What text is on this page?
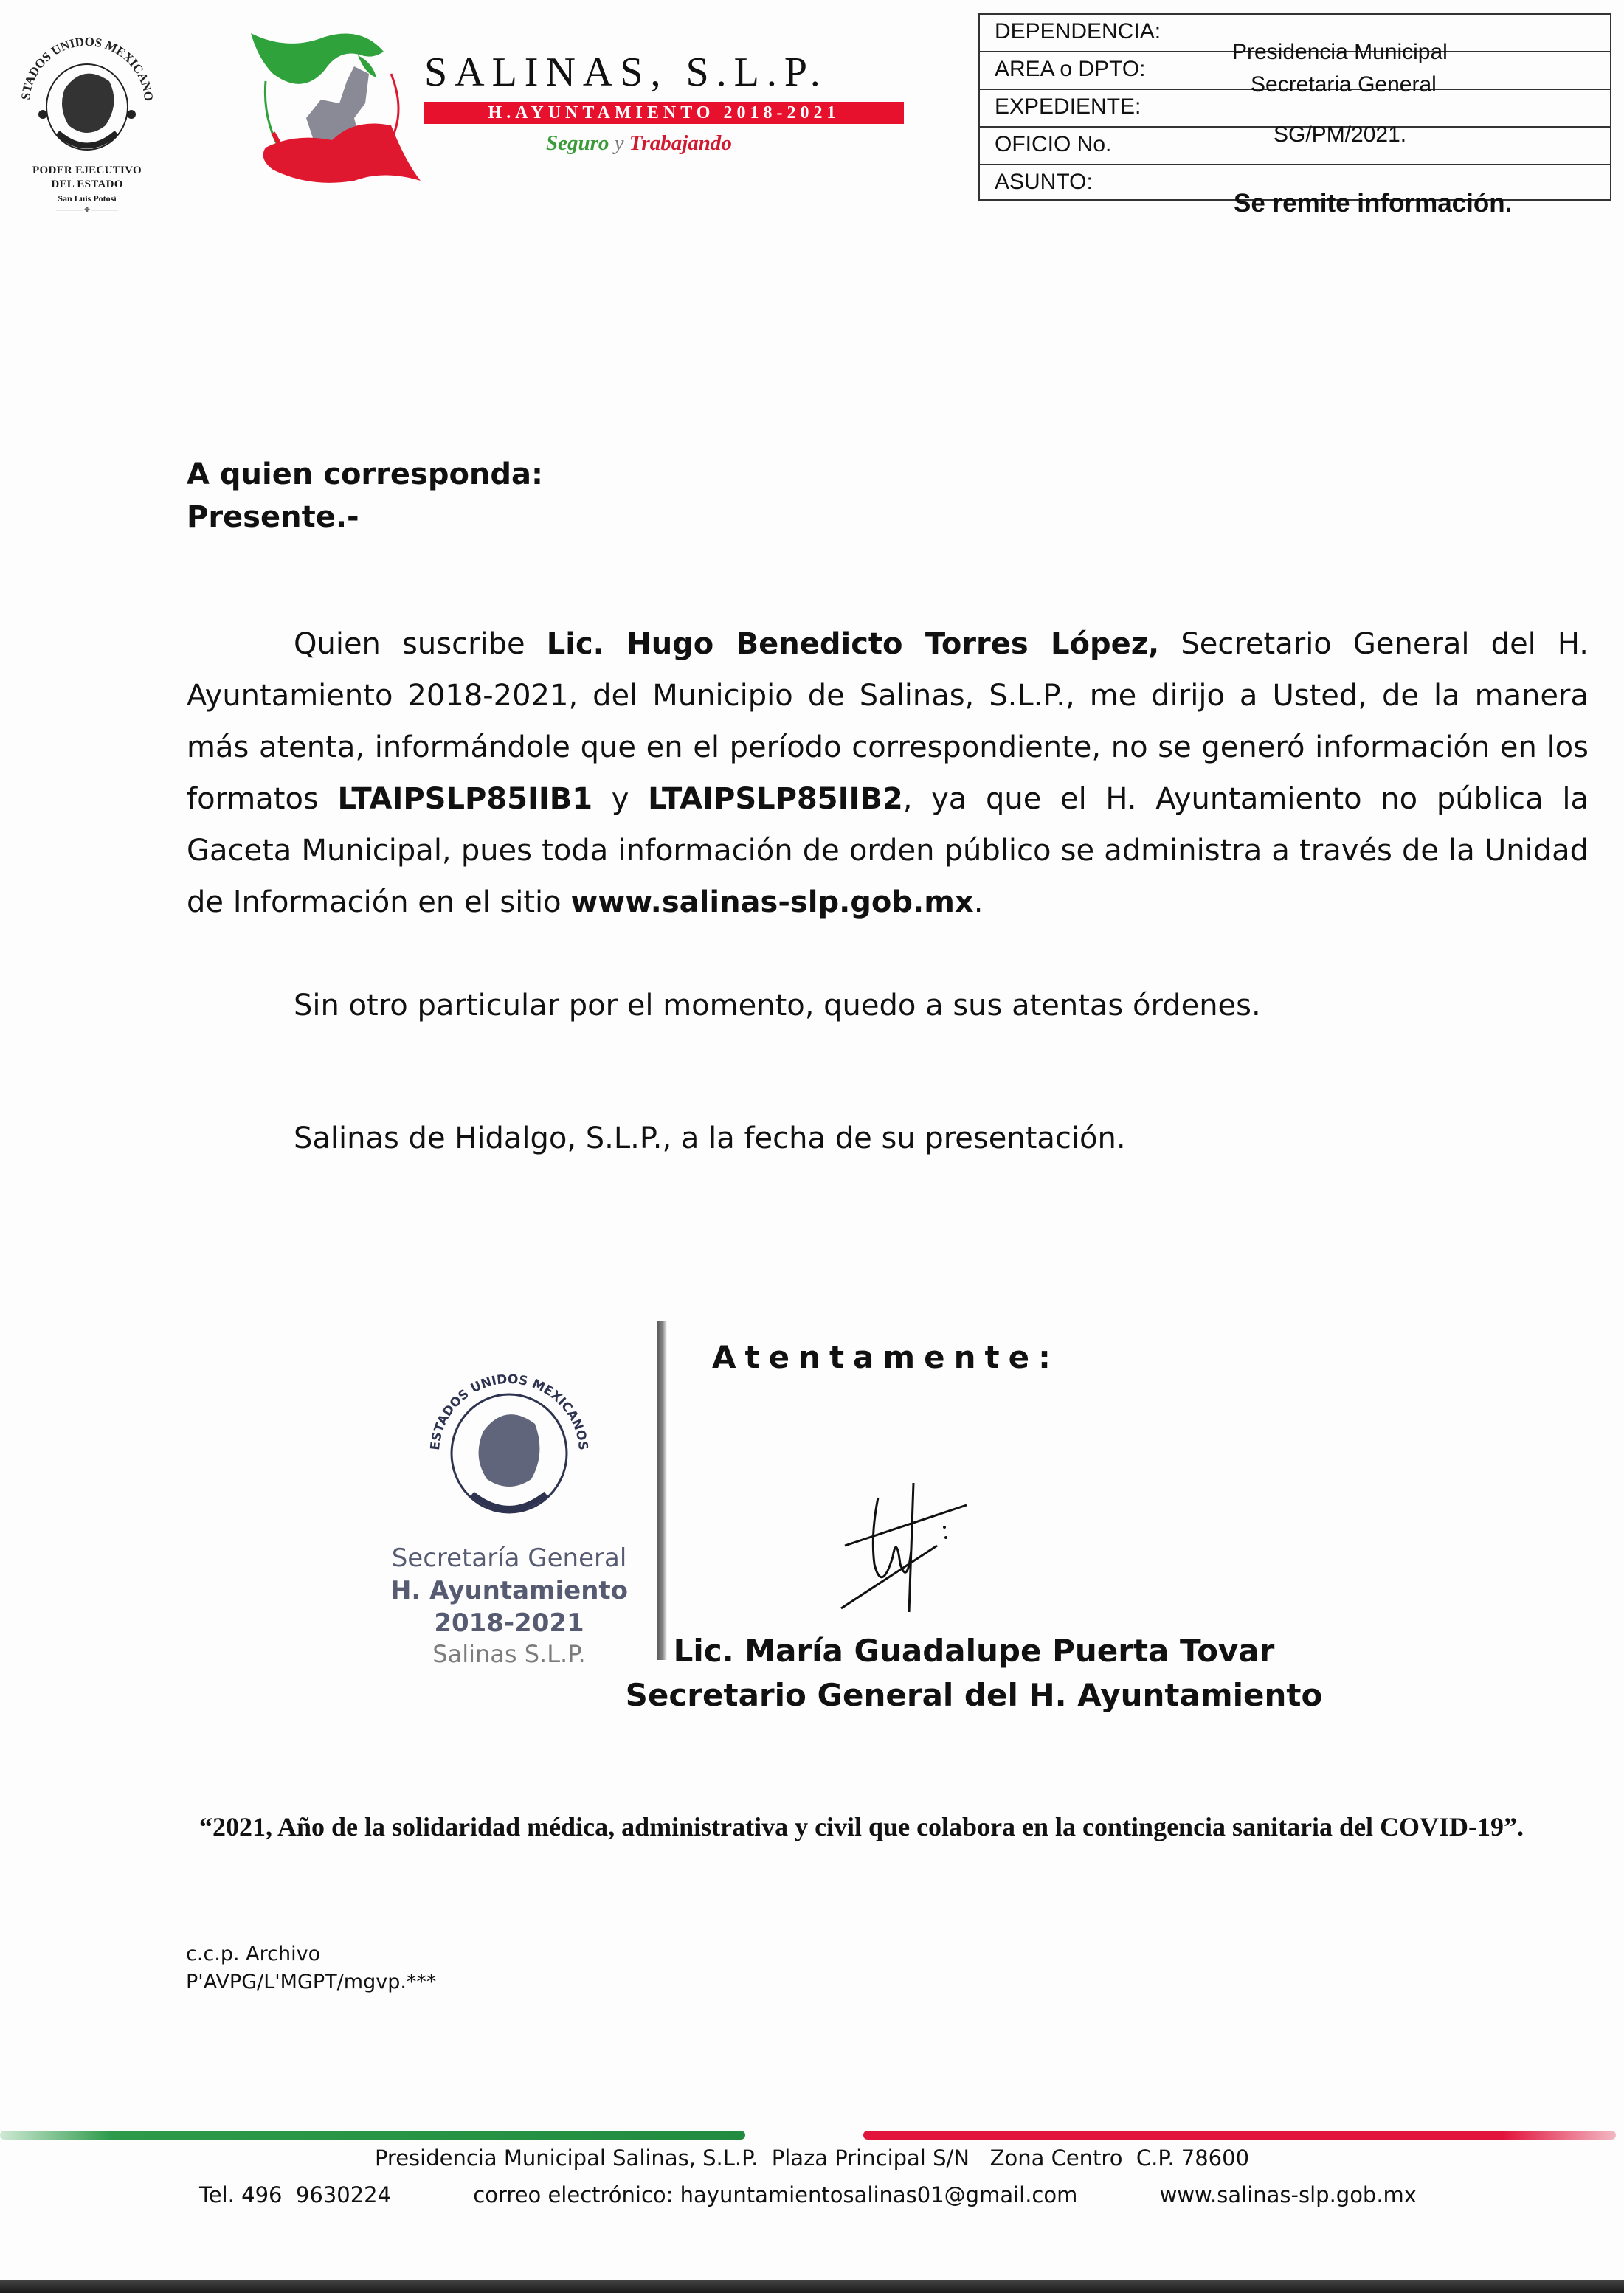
STADOS UNIDOS MEXICANO
PODER EJECUTIVO
DEL ESTADO
San Luis Potosí
———— ✤ ————
SALINAS, S.L.P.
H.AYUNTAMIENTO 2018-2021
Seguro y Trabajando
DEPENDENCIA:
AREA o DPTO:
EXPEDIENTE:
OFICIO No.
ASUNTO:
Presidencia Municipal
Secretaria General
SG/PM/2021.
Se remite información.
A quien corresponda:
Presente.-
Quien suscribe Lic. Hugo Benedicto Torres López, Secretario General del H. Ayuntamiento 2018-2021, del Municipio de Salinas, S.L.P., me dirijo a Usted, de la manera más atenta, informándole que en el período correspondiente, no se generó información en los formatos LTAIPSLP85IIB1 y LTAIPSLP85IIB2, ya que el H. Ayuntamiento no pública la Gaceta Municipal, pues toda información de orden público se administra a través de la Unidad de Información en el sitio www.salinas-slp.gob.mx.
Sin otro particular por el momento, quedo a sus atentas órdenes.
Salinas de Hidalgo, S.L.P., a la fecha de su presentación.
ESTADOS UNIDOS MEXICANOS
Secretaría General
H. Ayuntamiento 2018-2021
Salinas S.L.P.
Atentamente:
Lic. María Guadalupe Puerta Tovar
Secretario General del H. Ayuntamiento
“2021, Año de la solidaridad médica, administrativa y civil que colabora en la contingencia sanitaria del COVID-19”.
c.c.p. Archivo
P'AVPG/L'MGPT/mgvp.***
Presidencia Municipal Salinas, S.L.P.  Plaza Principal S/N   Zona Centro  C.P. 78600
Tel. 496  9630224	correo electrónico: hayuntamientosalinas01@gmail.com	www.salinas-slp.gob.mx
